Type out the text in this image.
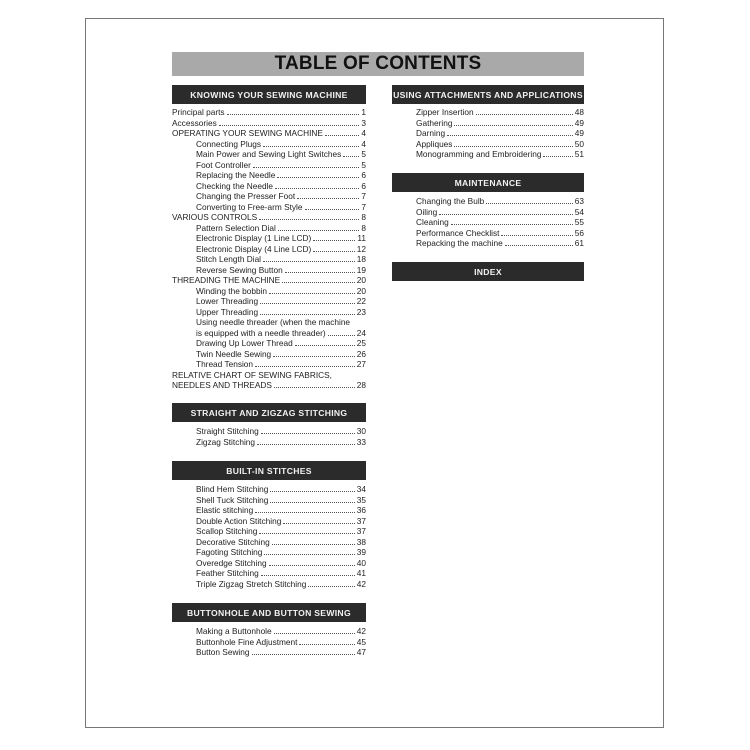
TABLE OF CONTENTS
KNOWING YOUR SEWING MACHINE
Principal parts	1
Accessories	3
OPERATING YOUR SEWING MACHINE	4
Connecting Plugs	4
Main Power and Sewing Light Switches 5
Foot Controller	5
Replacing the Needle	6
Checking the Needle	6
Changing the Presser Foot	7
Converting to Free-arm Style	7
VARIOUS CONTROLS	8
Pattern Selection Dial	8
Electronic Display (1 Line LCD)	11
Electronic Display (4 Line LCD)	12
Stitch Length Dial	18
Reverse Sewing Button	19
THREADING THE MACHINE	20
Winding the bobbin	20
Lower Threading	22
Upper Threading	23
Using needle threader (when the machine
is equipped with a needle threader)	24
Drawing Up Lower Thread	25
Twin Needle Sewing	26
Thread Tension	27
RELATIVE CHART OF SEWING FABRICS,
NEEDLES AND THREADS	28
STRAIGHT AND ZIGZAG STITCHING
Straight Stitching	30
Zigzag Stitching	33
BUILT-IN STITCHES
Blind Hem Stitching	34
Shell Tuck Stitching	35
Elastic stitching	36
Double Action Stitching	37
Scallop Stitching	37
Decorative Stitching	38
Fagoting Stitching	39
Overedge Stitching	40
Feather Stitching	41
Triple Zigzag Stretch Stitching	42
BUTTONHOLE AND BUTTON SEWING
Making a Buttonhole	42
Buttonhole Fine Adjustment	45
Button Sewing	47
USING ATTACHMENTS AND APPLICATIONS
Zipper Insertion	48
Gathering	49
Darning	49
Appliques	50
Monogramming and Embroidering	51
MAINTENANCE
Changing the Bulb	63
Oiling	54
Cleaning	55
Performance Checklist	56
Repacking the machine	61
INDEX
